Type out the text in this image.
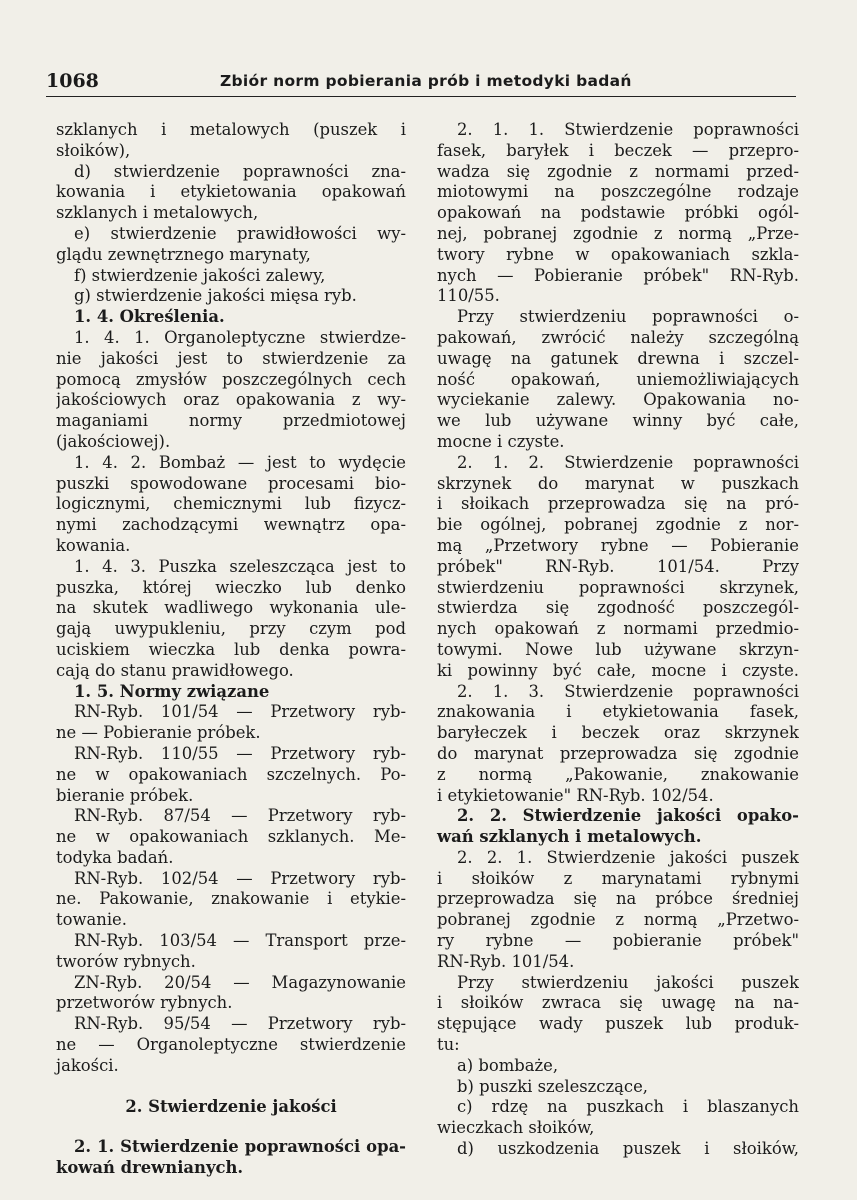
1068	Zbiór norm pobierania prób i metodyki badań
szklanych i metalowych (puszek i
słoików),
d) stwierdzenie poprawności zna-
kowania i etykietowania opakowań
szklanych i metalowych,
e) stwierdzenie prawidłowości wy-
glądu zewnętrznego marynaty,
f) stwierdzenie jakości zalewy,
g) stwierdzenie jakości mięsa ryb.
1. 4. Określenia.
1. 4. 1. Organoleptyczne stwierdze-
nie jakości jest to stwierdzenie za
pomocą zmysłów poszczególnych cech
jakościowych oraz opakowania z wy-
maganiami normy przedmiotowej
(jakościowej).
1. 4. 2. Bombaż — jest to wydęcie
puszki spowodowane procesami bio-
logicznymi, chemicznymi lub fizycz-
nymi zachodzącymi wewnątrz opa-
kowania.
1. 4. 3. Puszka szeleszcząca jest to
puszka, której wieczko lub denko
na skutek wadliwego wykonania ule-
gają uwypukleniu, przy czym pod
uciskiem wieczka lub denka powra-
cają do stanu prawidłowego.
1. 5. Normy związane
RN-Ryb. 101/54 — Przetwory ryb-
ne — Pobieranie próbek.
RN-Ryb. 110/55 — Przetwory ryb-
ne w opakowaniach szczelnych. Po-
bieranie próbek.
RN-Ryb. 87/54 — Przetwory ryb-
ne w opakowaniach szklanych. Me-
todyka badań.
RN-Ryb. 102/54 — Przetwory ryb-
ne. Pakowanie, znakowanie i etykie-
towanie.
RN-Ryb. 103/54 — Transport prze-
tworów rybnych.
ZN-Ryb. 20/54 — Magazynowanie
przetworów rybnych.
RN-Ryb. 95/54 — Przetwory ryb-
ne — Organoleptyczne stwierdzenie
jakości.
2. Stwierdzenie jakości
2. 1. Stwierdzenie poprawności opa-
kowań drewnianych.
2. 1. 1. Stwierdzenie poprawności
fasek, baryłek i beczek — przepro-
wadza się zgodnie z normami przed-
miotowymi na poszczególne rodzaje
opakowań na podstawie próbki ogól-
nej, pobranej zgodnie z normą „Prze-
twory rybne w opakowaniach szkla-
nych — Pobieranie próbek" RN-Ryb.
110/55.
Przy stwierdzeniu poprawności o-
pakowań, zwrócić należy szczególną
uwagę na gatunek drewna i szczel-
ność opakowań, uniemożliwiających
wyciekanie zalewy. Opakowania no-
we lub używane winny być całe,
mocne i czyste.
2. 1. 2. Stwierdzenie poprawności
skrzynek do marynat w puszkach
i słoikach przeprowadza się na pró-
bie ogólnej, pobranej zgodnie z nor-
mą „Przetwory rybne — Pobieranie
próbek" RN-Ryb. 101/54. Przy
stwierdzeniu poprawności skrzynek,
stwierdza się zgodność poszczegól-
nych opakowań z normami przedmio-
towymi. Nowe lub używane skrzyn-
ki powinny być całe, mocne i czyste.
2. 1. 3. Stwierdzenie poprawności
znakowania i etykietowania fasek,
baryłeczek i beczek oraz skrzynek
do marynat przeprowadza się zgodnie
z normą „Pakowanie, znakowanie
i etykietowanie" RN-Ryb. 102/54.
2. 2. Stwierdzenie jakości opako-
wań szklanych i metalowych.
2. 2. 1. Stwierdzenie jakości puszek
i słoików z marynatami rybnymi
przeprowadza się na próbce średniej
pobranej zgodnie z normą „Przetwo-
ry rybne — pobieranie próbek"
RN-Ryb. 101/54.
Przy stwierdzeniu jakości puszek
i słoików zwraca się uwagę na na-
stępujące wady puszek lub produk-
tu:
a) bombaże,
b) puszki szeleszczące,
c) rdzę na puszkach i blaszanych
wieczkach słoików,
d) uszkodzenia puszek i słoików,
